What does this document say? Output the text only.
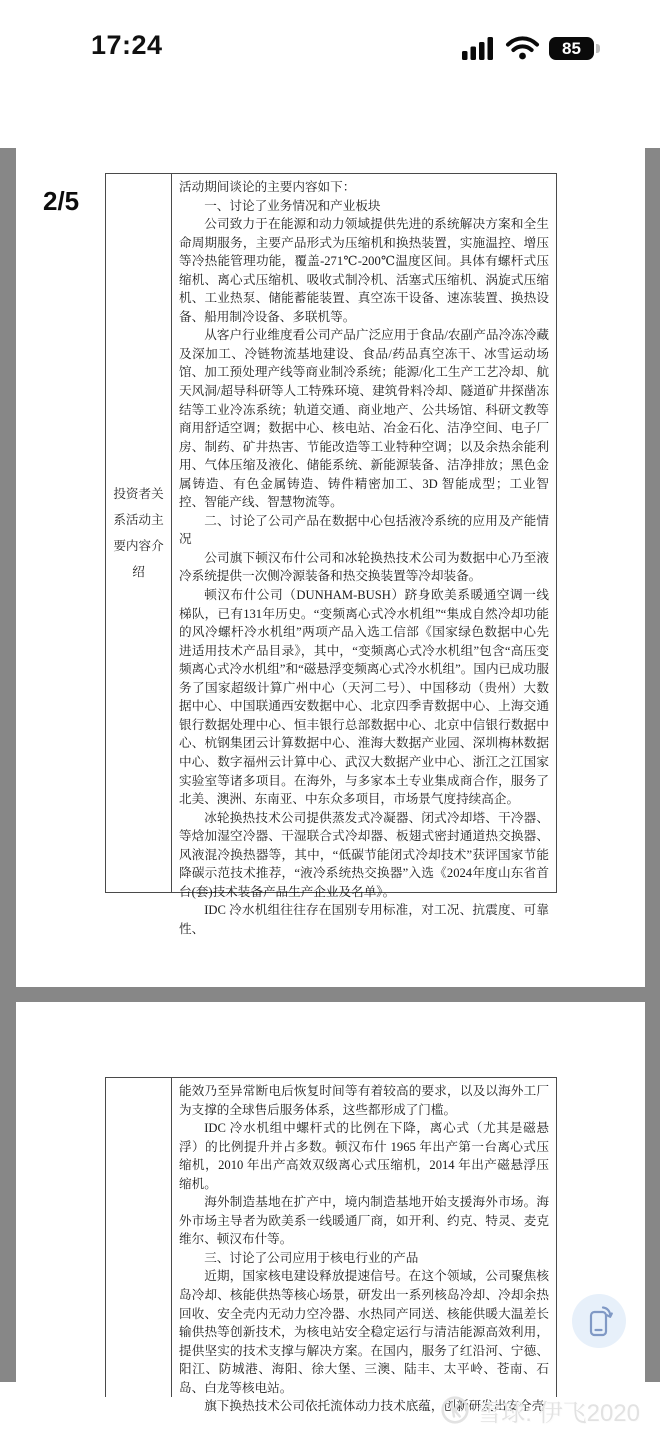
17:24	85
2/5
投资者关系活动主要内容介绍

活动期间谈论的主要内容如下：

一、讨论了业务情况和产业板块

公司致力于在能源和动力领域提供先进的系统解决方案和全生命周期服务，主要产品形式为压缩机和换热装置，实施温控、增压等冷热能管理功能，覆盖-271℃-200℃温度区间。具体有螺杆式压缩机、离心式压缩机、吸收式制冷机、活塞式压缩机、涡旋式压缩机、工业热泵、储能蓄能装置、真空冻干设备、速冻装置、换热设备、船用制冷设备、多联机等。

从客户行业维度看公司产品广泛应用于食品/农副产品冷冻冷藏及深加工、冷链物流基地建设、食品/药品真空冻干、冰雪运动场馆、加工预处理产线等商业制冷系统；能源/化工生产工艺冷却、航天风洞/超导科研等人工特殊环境、建筑骨料冷却、隧道矿井探凿冻结等工业冷冻系统；轨道交通、商业地产、公共场馆、科研文教等商用舒适空调；数据中心、核电站、冶金石化、洁净空间、电子厂房、制药、矿井热害、节能改造等工业特种空调；以及余热余能利用、气体压缩及液化、储能系统、新能源装备、洁净排放；黑色金属铸造、有色金属铸造、铸件精密加工、3D 智能成型；工业智控、智能产线、智慧物流等。

二、讨论了公司产品在数据中心包括液冷系统的应用及产能情况

公司旗下顿汉布什公司和冰轮换热技术公司为数据中心乃至液冷系统提供一次侧冷源装备和热交换装置等冷却装备。

顿汉布什公司（DUNHAM-BUSH）跻身欧美系暖通空调一线梯队，已有131年历史。“变频离心式冷水机组”“集成自然冷却功能的风冷螺杆冷水机组”两项产品入选工信部《国家绿色数据中心先进适用技术产品目录》，其中，“变频离心式冷水机组”包含“高压变频离心式冷水机组”和“磁悬浮变频离心式冷水机组”。国内已成功服务了国家超级计算广州中心（天河二号）、中国移动（贵州）大数据中心、中国联通西安数据中心、北京四季青数据中心、上海交通银行数据处理中心、恒丰银行总部数据中心、北京中信银行数据中心、杭钢集团云计算数据中心、淮海大数据产业园、深圳梅林数据中心、数字福州云计算中心、武汉大数据产业中心、浙江之江国家实验室等诸多项目。在海外，与多家本土专业集成商合作，服务了北美、澳洲、东南亚、中东众多项目，市场景气度持续高企。

冰轮换热技术公司提供蒸发式冷凝器、闭式冷却塔、干冷器、等焓加湿空冷器、干湿联合式冷却器、板翅式密封通道热交换器、风液混冷换热器等，其中，“低碳节能闭式冷却技术”获评国家节能降碳示范技术推荐，“液冷系统热交换器”入选《2024年度山东省首台(套)技术装备产品生产企业及名单》。

IDC 冷水机组往往存在国别专用标准，对工况、抗震度、可靠性、

能效乃至异常断电后恢复时间等有着较高的要求，以及以海外工厂为支撑的全球售后服务体系，这些都形成了门槛。

IDC 冷水机组中螺杆式的比例在下降，离心式（尤其是磁悬浮）的比例提升并占多数。顿汉布什 1965 年出产第一台离心式压缩机，2010 年出产高效双级离心式压缩机，2014 年出产磁悬浮压缩机。

海外制造基地在扩产中，境内制造基地开始支援海外市场。海外市场主导者为欧美系一线暖通厂商，如开利、约克、特灵、麦克维尔、顿汉布什等。

三、讨论了公司应用于核电行业的产品

近期，国家核电建设释放提速信号。在这个领域，公司聚焦核岛冷却、核能供热等核心场景，研发出一系列核岛冷却、冷却余热回收、安全壳内无动力空冷器、水热同产同送、核能供暖大温差长输供热等创新技术，为核电站安全稳定运行与清洁能源高效利用，提供坚实的技术支撑与解决方案。在国内，服务了红沿河、宁德、阳江、防城港、海阳、徐大堡、三澳、陆丰、太平岭、苍南、石岛、白龙等核电站。

旗下换热技术公司依托流体动力技术底蕴，创新研发出安全壳

雪球: 伊飞2020
